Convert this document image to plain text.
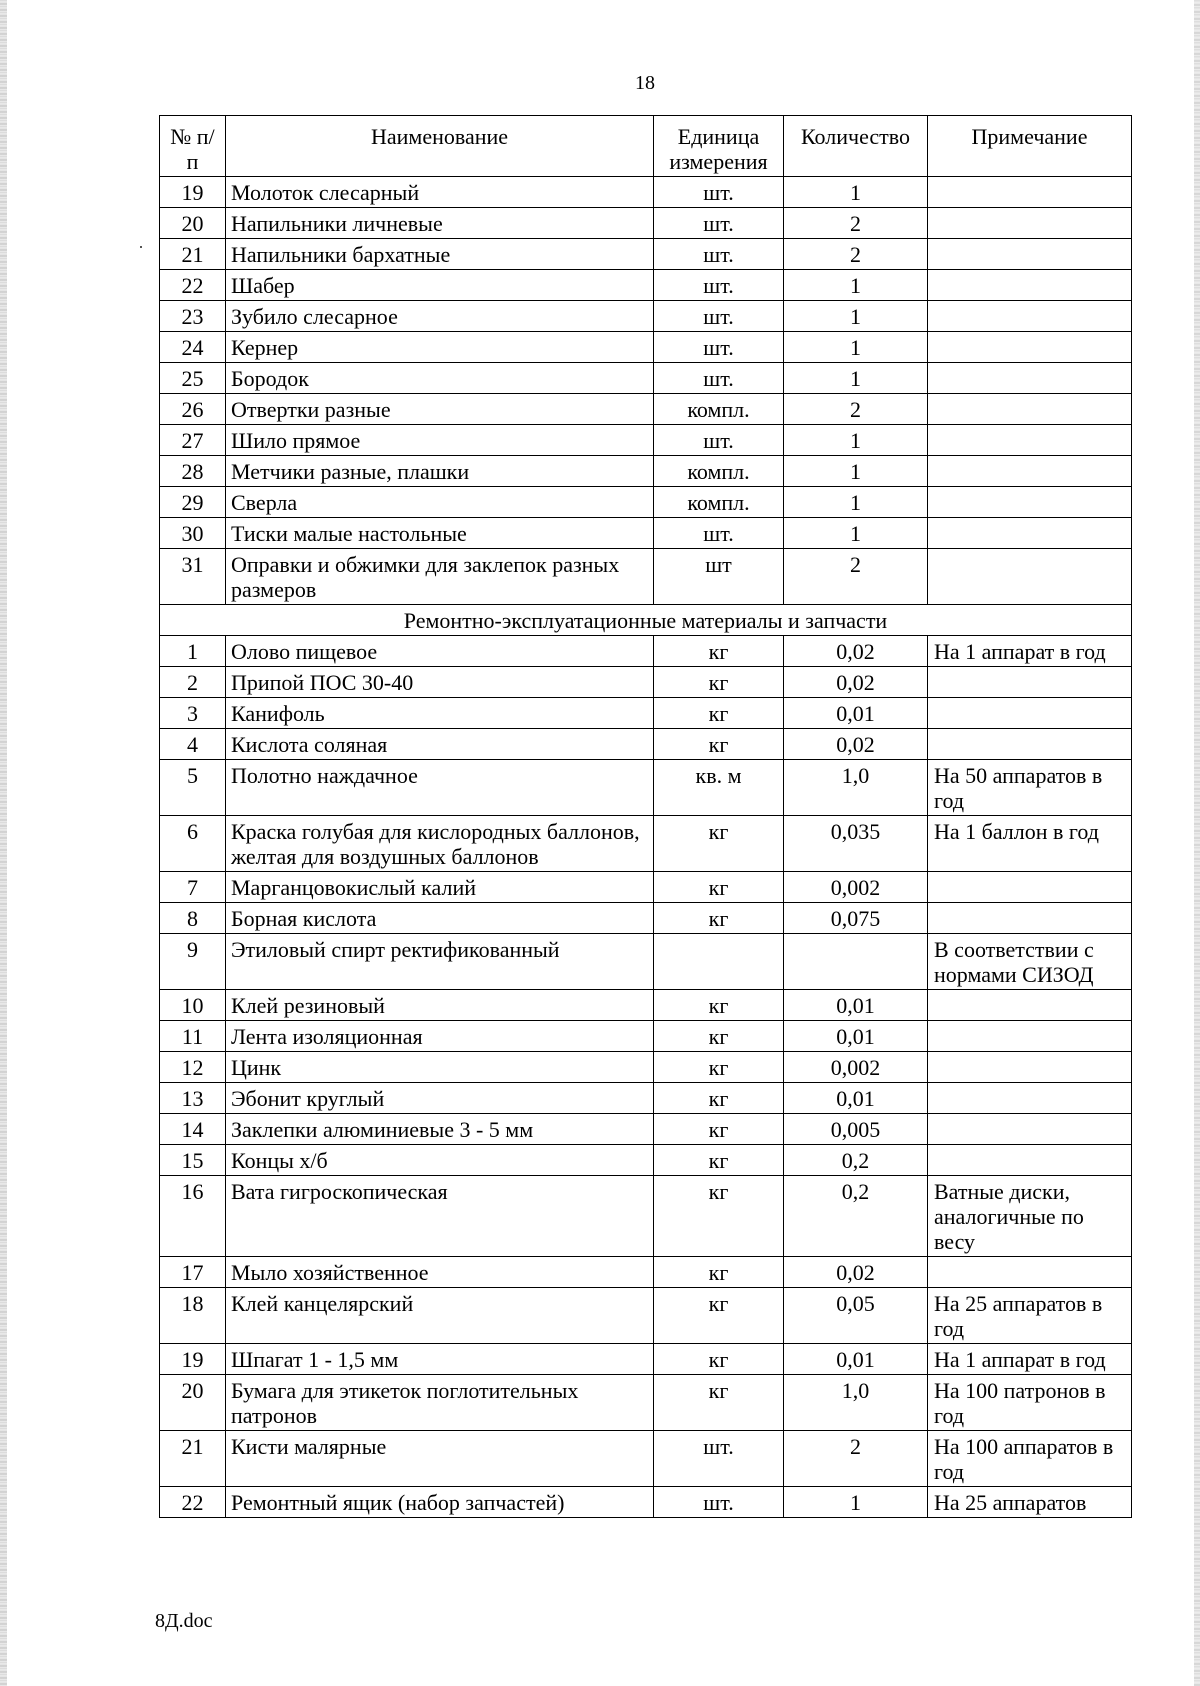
18
№ п/п	Наименование	Единица измерения	Количество	Примечание
19	Молоток слесарный	шт.	1	
20	Напильники личневые	шт.	2	
21	Напильники бархатные	шт.	2	
22	Шабер	шт.	1	
23	Зубило слесарное	шт.	1	
24	Кернер	шт.	1	
25	Бородок	шт.	1	
26	Отвертки разные	компл.	2	
27	Шило прямое	шт.	1	
28	Метчики разные, плашки	компл.	1	
29	Сверла	компл.	1	
30	Тиски малые настольные	шт.	1	
31	Оправки и обжимки для заклепок разных размеров	шт	2	
Ремонтно-эксплуатационные материалы и запчасти				
1	Олово пищевое	кг	0,02	На 1 аппарат в год
2	Припой ПОС 30-40	кг	0,02	
3	Канифоль	кг	0,01	
4	Кислота соляная	кг	0,02	
5	Полотно наждачное	кв. м	1,0	На 50 аппаратов в год
6	Краска голубая для кислородных баллонов, желтая для воздушных баллонов	кг	0,035	На 1 баллон в год
7	Марганцовокислый калий	кг	0,002	
8	Борная кислота	кг	0,075	
9	Этиловый спирт ректификованный			В соответствии с нормами СИЗОД
10	Клей резиновый	кг	0,01	
11	Лента изоляционная	кг	0,01	
12	Цинк	кг	0,002	
13	Эбонит круглый	кг	0,01	
14	Заклепки алюминиевые 3 - 5 мм	кг	0,005	
15	Концы х/б	кг	0,2	
16	Вата гигроскопическая	кг	0,2	Ватные диски, аналогичные по весу
17	Мыло хозяйственное	кг	0,02	
18	Клей канцелярский	кг	0,05	На 25 аппаратов в год
19	Шпагат 1 - 1,5 мм	кг	0,01	На 1 аппарат в год
20	Бумага для этикеток поглотительных патронов	кг	1,0	На 100 патронов в год
21	Кисти малярные	шт.	2	На 100 аппаратов в год
22	Ремонтный ящик (набор запчастей)	шт.	1	На 25 аппаратов
8Д.doc
